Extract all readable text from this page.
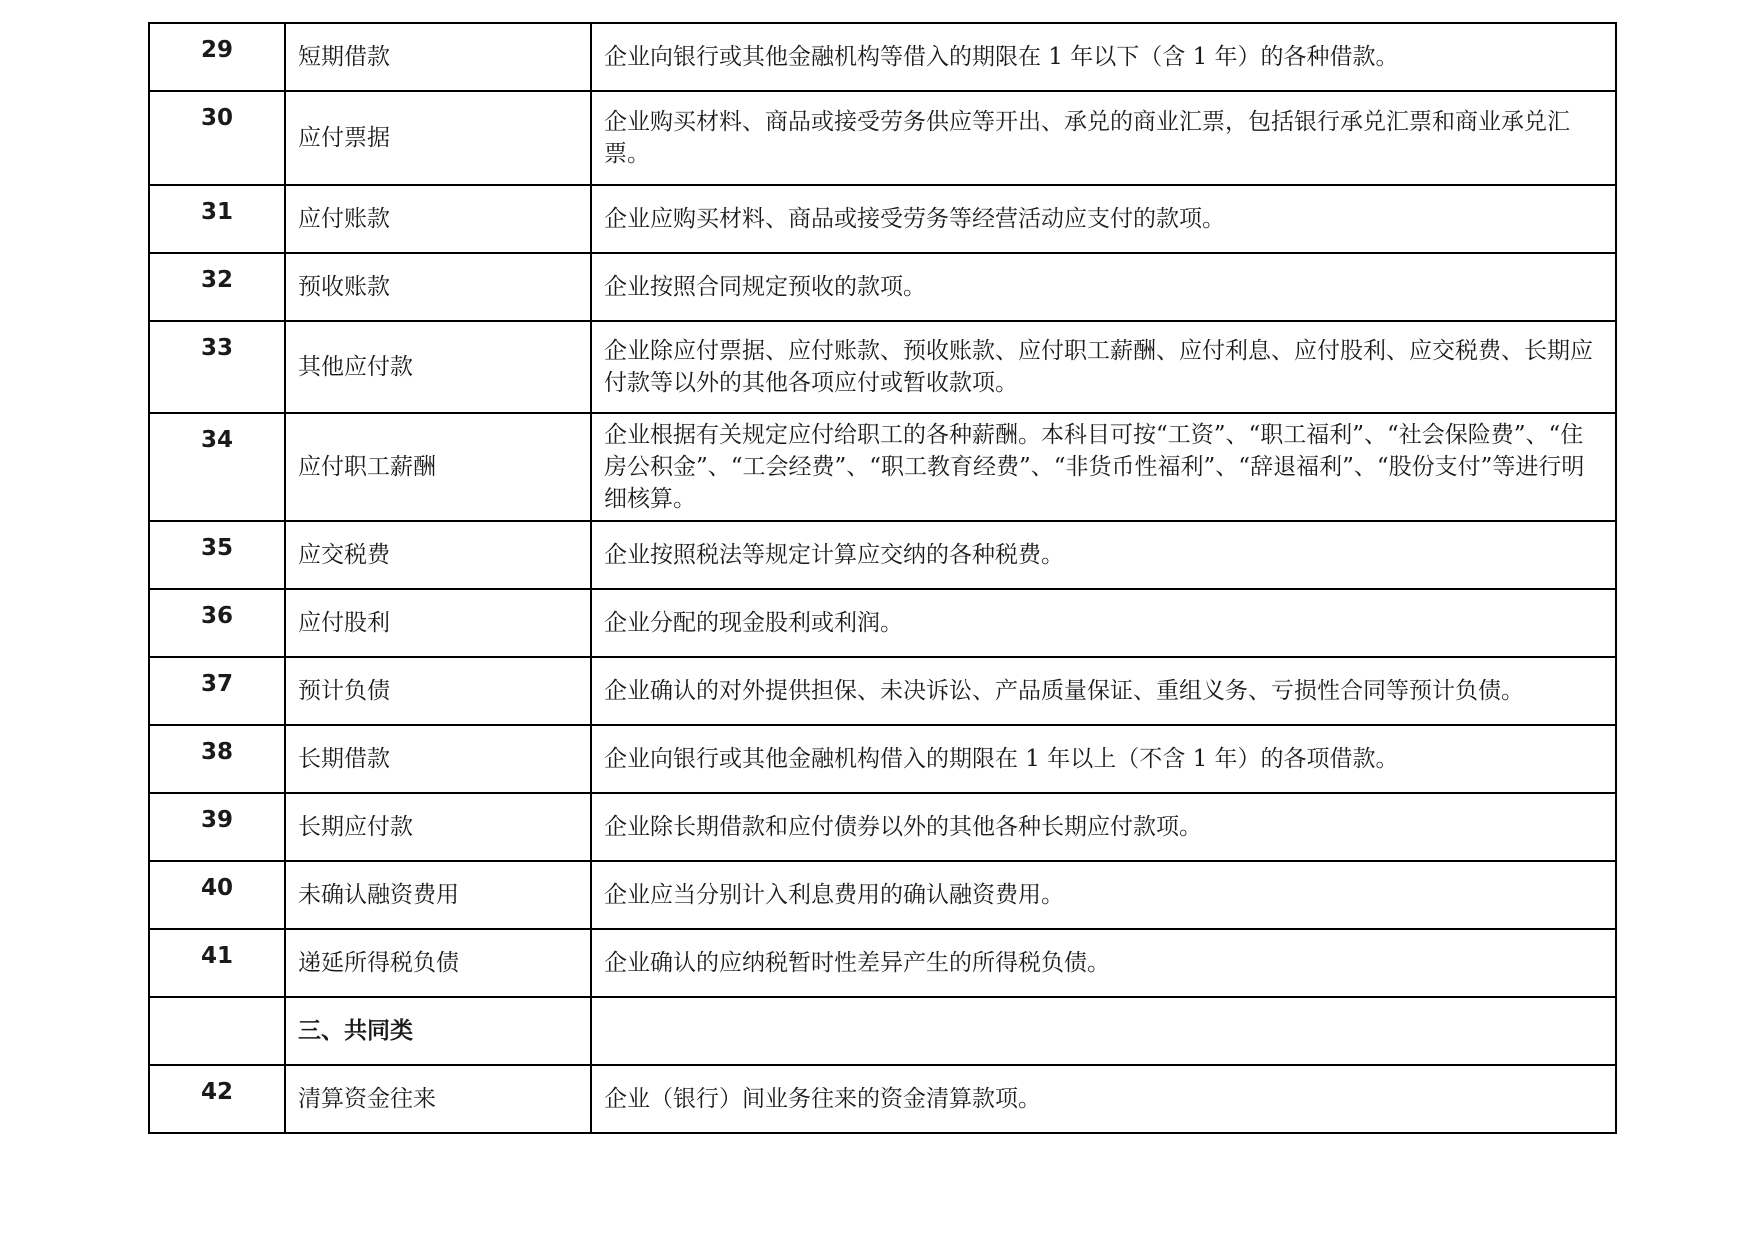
29	短期借款	企业向银行或其他金融机构等借入的期限在 1 年以下（含 1 年）的各种借款。
30	应付票据	企业购买材料、商品或接受劳务供应等开出、承兑的商业汇票，包括银行承兑汇票和商业承兑汇票。
31	应付账款	企业应购买材料、商品或接受劳务等经营活动应支付的款项。
32	预收账款	企业按照合同规定预收的款项。
33	其他应付款	企业除应付票据、应付账款、预收账款、应付职工薪酬、应付利息、应付股利、应交税费、长期应付款等以外的其他各项应付或暂收款项。
34	应付职工薪酬	企业根据有关规定应付给职工的各种薪酬。本科目可按“工资”、“职工福利”、“社会保险费”、“住房公积金”、“工会经费”、“职工教育经费”、“非货币性福利”、“辞退福利”、“股份支付”等进行明细核算。
35	应交税费	企业按照税法等规定计算应交纳的各种税费。
36	应付股利	企业分配的现金股利或利润。
37	预计负债	企业确认的对外提供担保、未决诉讼、产品质量保证、重组义务、亏损性合同等预计负债。
38	长期借款	企业向银行或其他金融机构借入的期限在 1 年以上（不含 1 年）的各项借款。
39	长期应付款	企业除长期借款和应付债券以外的其他各种长期应付款项。
40	未确认融资费用	企业应当分别计入利息费用的确认融资费用。
41	递延所得税负债	企业确认的应纳税暂时性差异产生的所得税负债。
	三、共同类	
42	清算资金往来	企业（银行）间业务往来的资金清算款项。
